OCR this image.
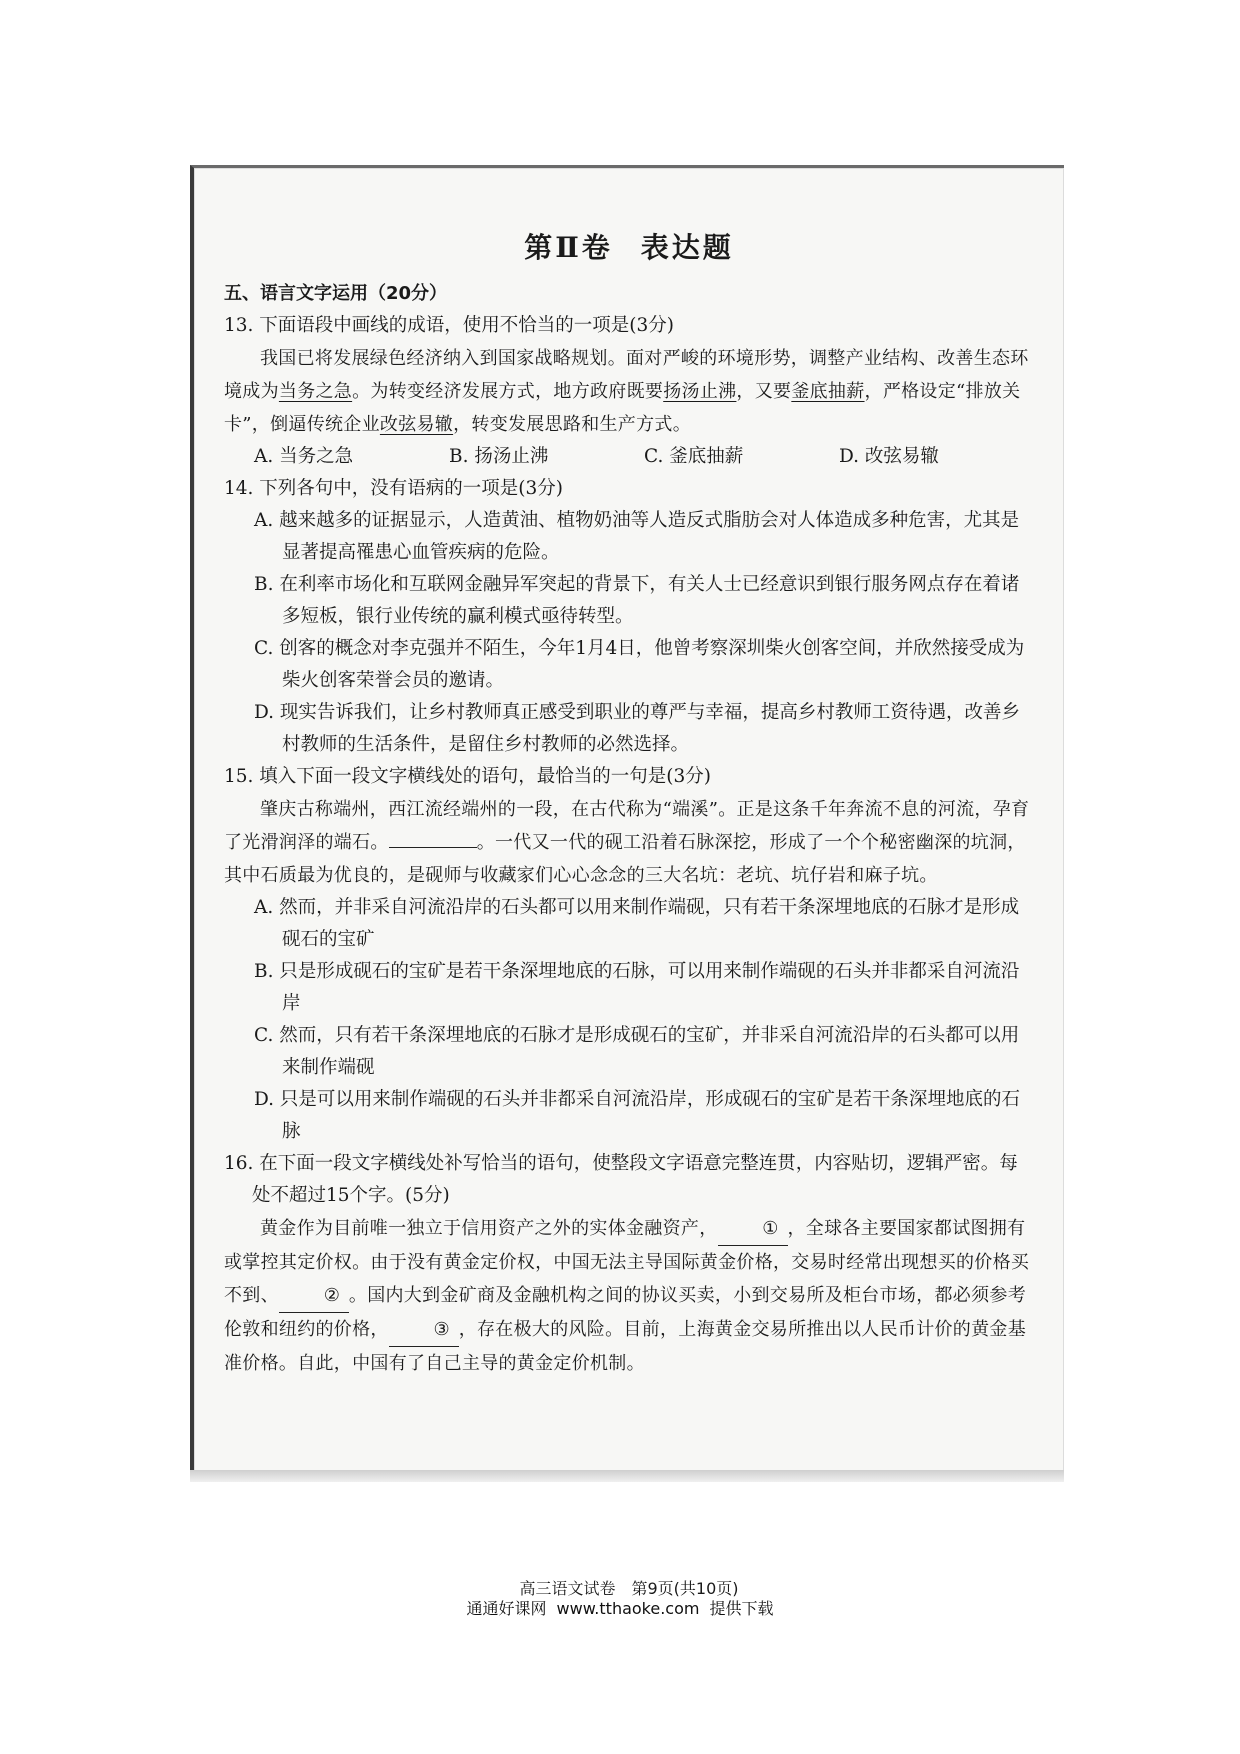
第Ⅱ卷 表达题
五、语言文字运用（20分）
13. 下面语段中画线的成语，使用不恰当的一项是(3分)
我国已将发展绿色经济纳入到国家战略规划。面对严峻的环境形势，调整产业结构、改善生态环境成为当务之急。为转变经济发展方式，地方政府既要扬汤止沸，又要釜底抽薪，严格设定“排放关卡”，倒逼传统企业改弦易辙，转变发展思路和生产方式。
A. 当务之急	B. 扬汤止沸	C. 釜底抽薪	D. 改弦易辙
14. 下列各句中，没有语病的一项是(3分)
A. 越来越多的证据显示，人造黄油、植物奶油等人造反式脂肪会对人体造成多种危害，尤其是显著提高罹患心血管疾病的危险。
B. 在利率市场化和互联网金融异军突起的背景下，有关人士已经意识到银行服务网点存在着诸多短板，银行业传统的赢利模式亟待转型。
C. 创客的概念对李克强并不陌生，今年1月4日，他曾考察深圳柴火创客空间，并欣然接受成为柴火创客荣誉会员的邀请。
D. 现实告诉我们，让乡村教师真正感受到职业的尊严与幸福，提高乡村教师工资待遇，改善乡村教师的生活条件，是留住乡村教师的必然选择。
15. 填入下面一段文字横线处的语句，最恰当的一句是(3分)
肇庆古称端州，西江流经端州的一段，在古代称为“端溪”。正是这条千年奔流不息的河流，孕育了光滑润泽的端石。	。一代又一代的砚工沿着石脉深挖，形成了一个个秘密幽深的坑洞，其中石质最为优良的，是砚师与收藏家们心心念念的三大名坑：老坑、坑仔岩和麻子坑。
A. 然而，并非采自河流沿岸的石头都可以用来制作端砚，只有若干条深埋地底的石脉才是形成砚石的宝矿
B. 只是形成砚石的宝矿是若干条深埋地底的石脉，可以用来制作端砚的石头并非都采自河流沿岸
C. 然而，只有若干条深埋地底的石脉才是形成砚石的宝矿，并非采自河流沿岸的石头都可以用来制作端砚
D. 只是可以用来制作端砚的石头并非都采自河流沿岸，形成砚石的宝矿是若干条深埋地底的石脉
16. 在下面一段文字横线处补写恰当的语句，使整段文字语意完整连贯，内容贴切，逻辑严密。每处不超过15个字。(5分)
黄金作为目前唯一独立于信用资产之外的实体金融资产， ① ，全球各主要国家都试图拥有或掌控其定价权。由于没有黄金定价权，中国无法主导国际黄金价格，交易时经常出现想买的价格买不到、 ② 。国内大到金矿商及金融机构之间的协议买卖，小到交易所及柜台市场，都必须参考伦敦和纽约的价格， ③ ，存在极大的风险。目前，上海黄金交易所推出以人民币计价的黄金基准价格。自此，中国有了自己主导的黄金定价机制。
高三语文试卷　第9页(共10页)
通通好课网 www.tthaoke.com 提供下载
